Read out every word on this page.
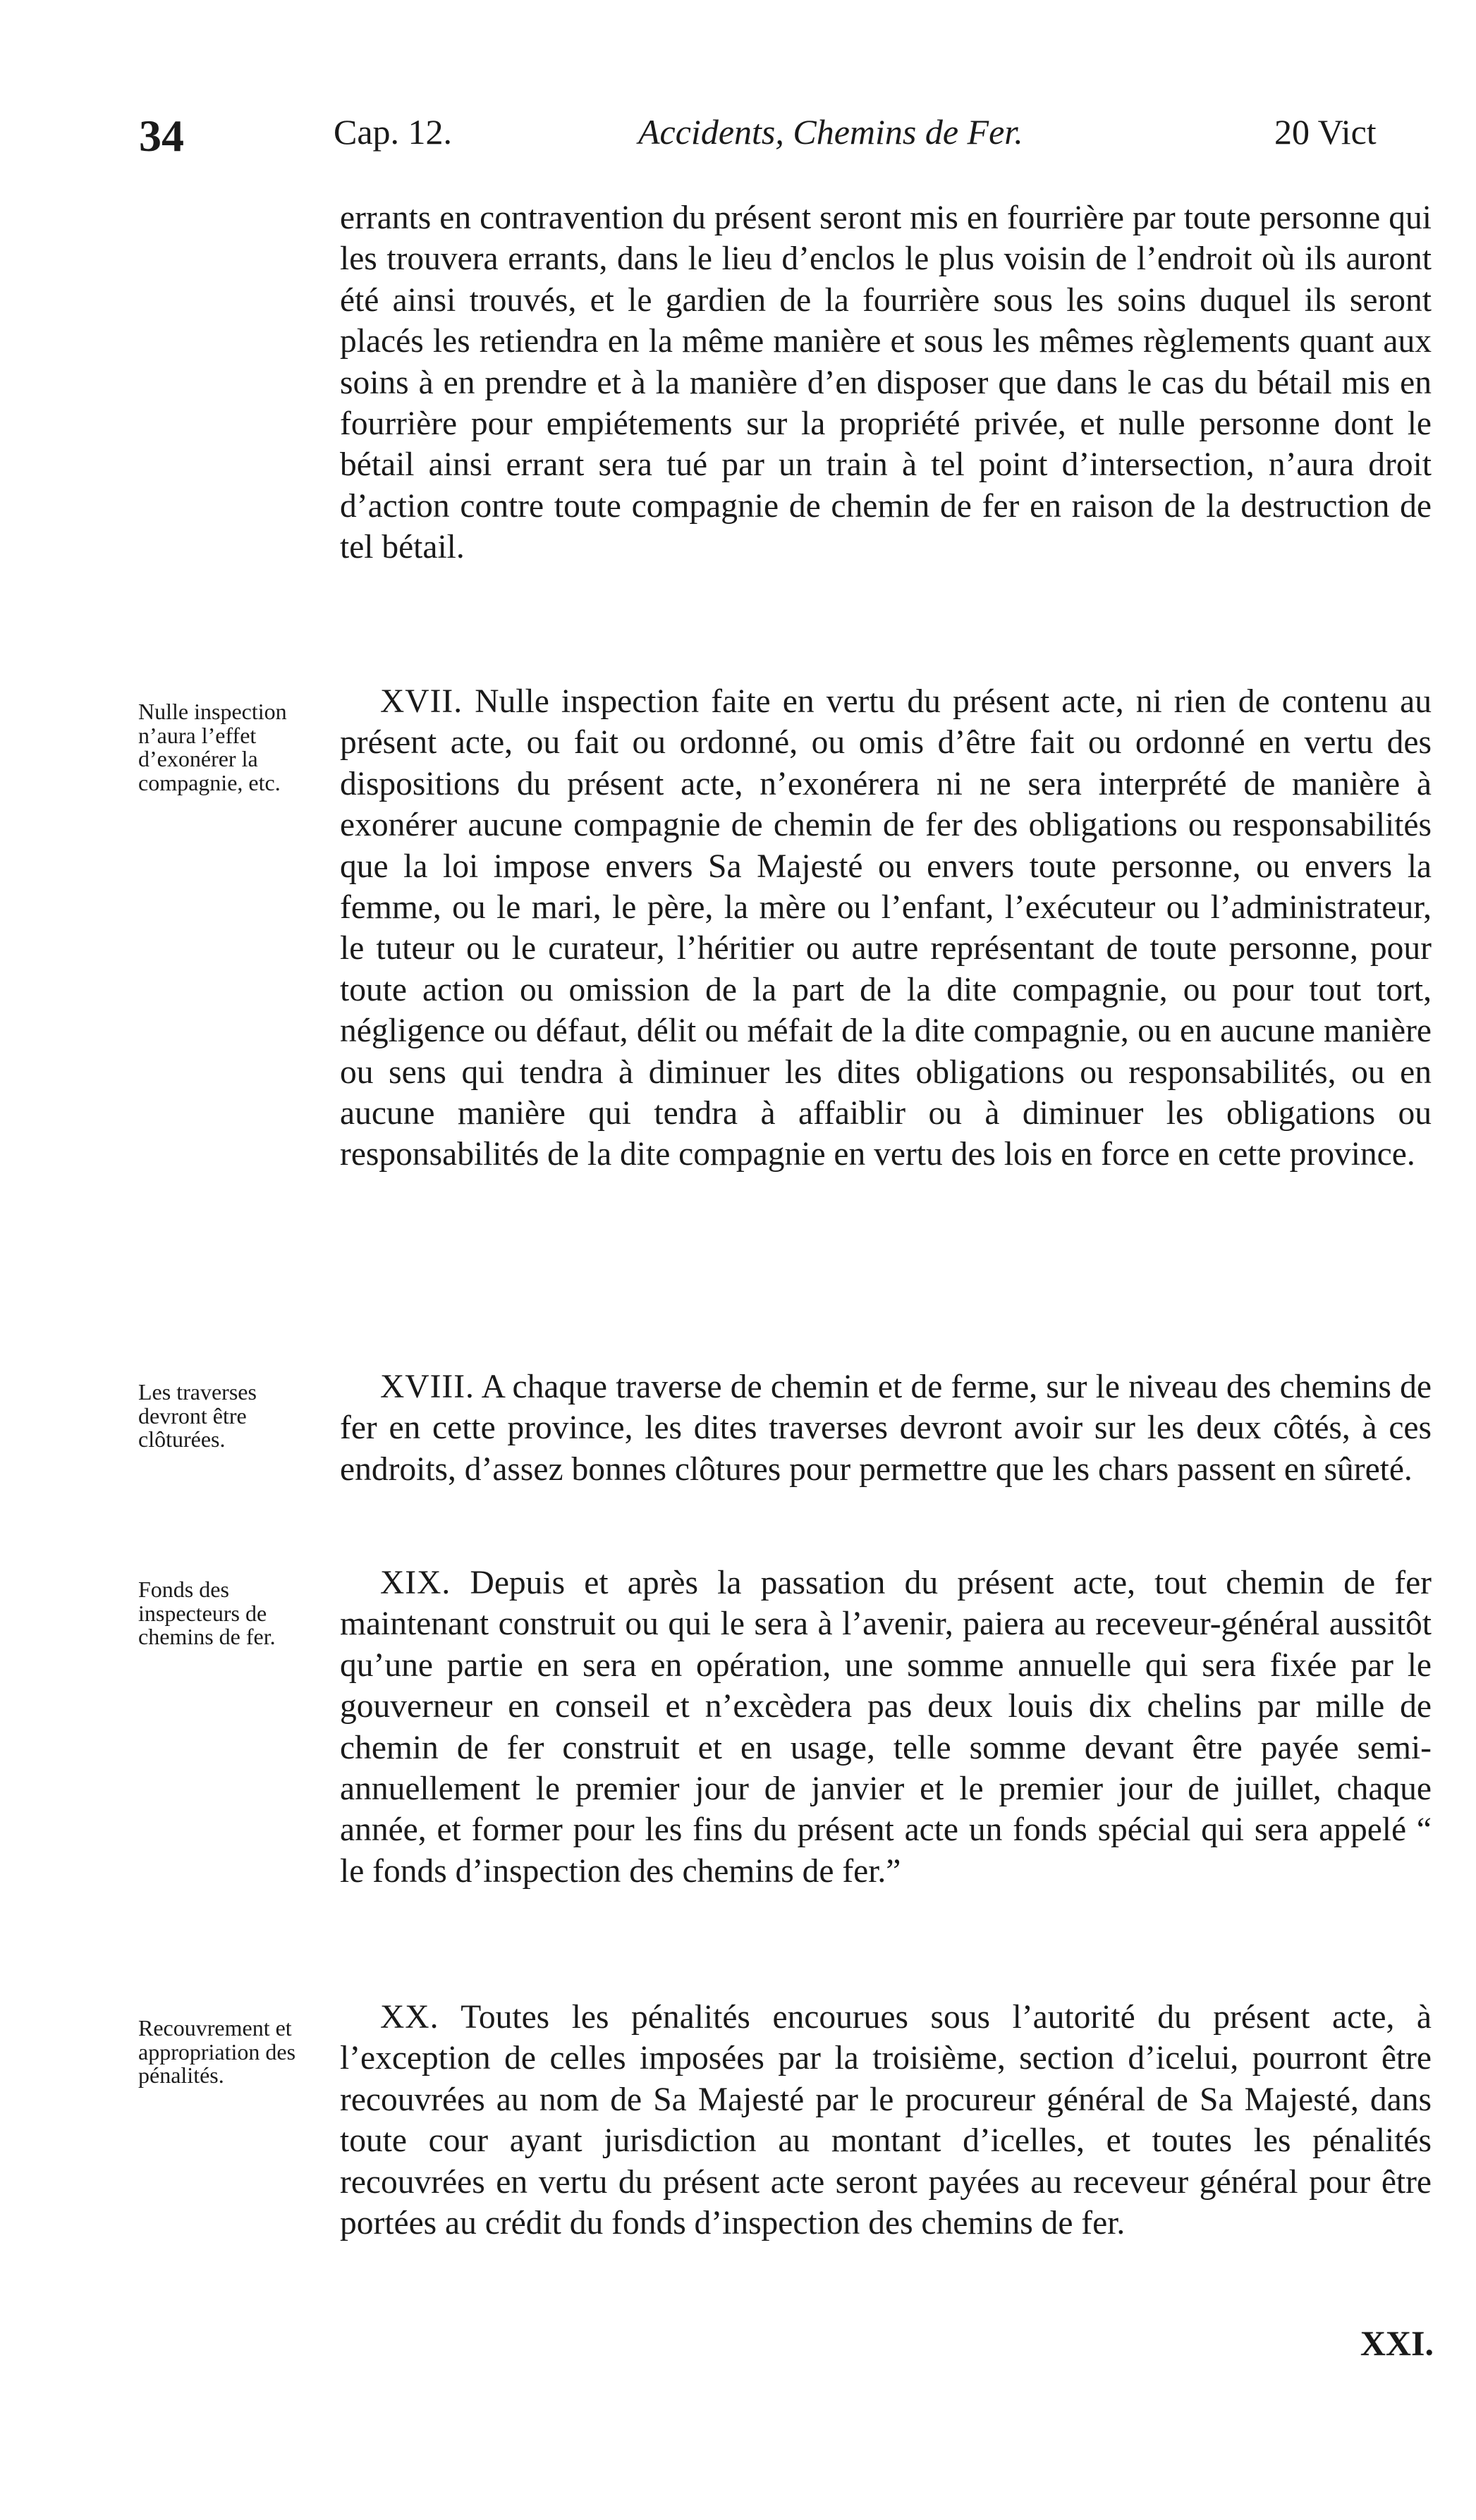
34	Cap. 12.	Accidents, Chemins de Fer.	20 Vict

errants en contravention du présent seront mis en fourrière par toute personne qui les trouvera errants, dans le lieu d’enclos le plus voisin de l’endroit où ils auront été ainsi trouvés, et le gardien de la fourrière sous les soins duquel ils seront placés les retiendra en la même manière et sous les mêmes règlements quant aux soins à en prendre et à la manière d’en disposer que dans le cas du bétail mis en fourrière pour empiétements sur la propriété privée, et nulle personne dont le bétail ainsi errant sera tué par un train à tel point d’intersection, n’aura droit d’action contre toute compagnie de chemin de fer en raison de la destruction de tel bétail.

Nulle inspection n’aura l’effet d’exonérer la compagnie, etc.

XVII. Nulle inspection faite en vertu du présent acte, ni rien de contenu au présent acte, ou fait ou ordonné, ou omis d’être fait ou ordonné en vertu des dispositions du présent acte, n’exonérera ni ne sera interprété de manière à exonérer aucune compagnie de chemin de fer des obligations ou responsabilités que la loi impose envers Sa Majesté ou envers toute personne, ou envers la femme, ou le mari, le père, la mère ou l’enfant, l’exécuteur ou l’administrateur, le tuteur ou le curateur, l’héritier ou autre représentant de toute personne, pour toute action ou omission de la part de la dite compagnie, ou pour tout tort, négligence ou défaut, délit ou méfait de la dite compagnie, ou en aucune manière ou sens qui tendra à diminuer les dites obligations ou responsabilités, ou en aucune manière qui tendra à affaiblir ou à diminuer les obligations ou responsabilités de la dite compagnie en vertu des lois en force en cette province.

Les traverses devront être clôturées.

XVIII. A chaque traverse de chemin et de ferme, sur le niveau des chemins de fer en cette province, les dites traverses devront avoir sur les deux côtés, à ces endroits, d’assez bonnes clôtures pour permettre que les chars passent en sûreté.

Fonds des inspecteurs de chemins de fer.

XIX. Depuis et après la passation du présent acte, tout chemin de fer maintenant construit ou qui le sera à l’avenir, paiera au receveur-général aussitôt qu’une partie en sera en opération, une somme annuelle qui sera fixée par le gouverneur en conseil et n’excèdera pas deux louis dix chelins par mille de chemin de fer construit et en usage, telle somme devant être payée semi-annuellement le premier jour de janvier et le premier jour de juillet, chaque année, et former pour les fins du présent acte un fonds spécial qui sera appelé “ le fonds d’inspection des chemins de fer.”

Recouvrement et appropriation des pénalités.

XX. Toutes les pénalités encourues sous l’autorité du présent acte, à l’exception de celles imposées par la troisième, section d’icelui, pourront être recouvrées au nom de Sa Majesté par le procureur général de Sa Majesté, dans toute cour ayant jurisdiction au montant d’icelles, et toutes les pénalités recouvrées en vertu du présent acte seront payées au receveur général pour être portées au crédit du fonds d’inspection des chemins de fer.

XXI.
